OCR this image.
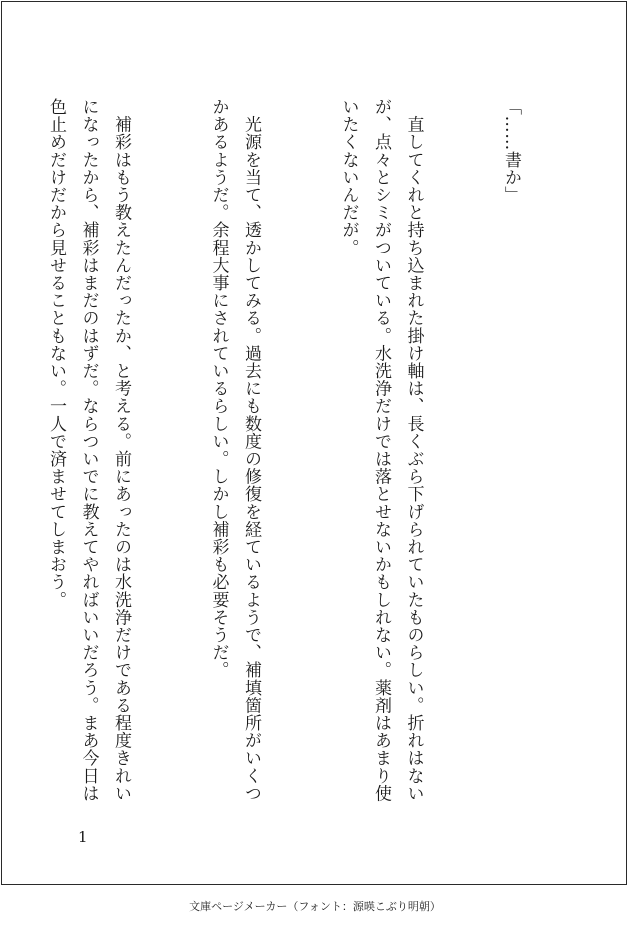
「……書か」

　直してくれと持ち込まれた掛け軸は、長くぶら下げられていたものらしい。折れはないが、点々とシミがついている。水洗浄だけでは落とせないかもしれない。薬剤はあまり使いたくないんだが。

　光源を当て、透かしてみる。過去にも数度の修復を経ているようで、補填箇所がいくつかあるようだ。余程大事にされているらしい。しかし補彩も必要そうだ。

　補彩はもう教えたんだったか、と考える。前にあったのは水洗浄だけである程度きれいになったから、補彩はまだのはずだ。ならついでに教えてやればいいだろう。まあ今日は色止めだけだから見せることもない。一人で済ませてしまおう。

1
文庫ページメーカー（フォント：源暎こぶり明朝）
